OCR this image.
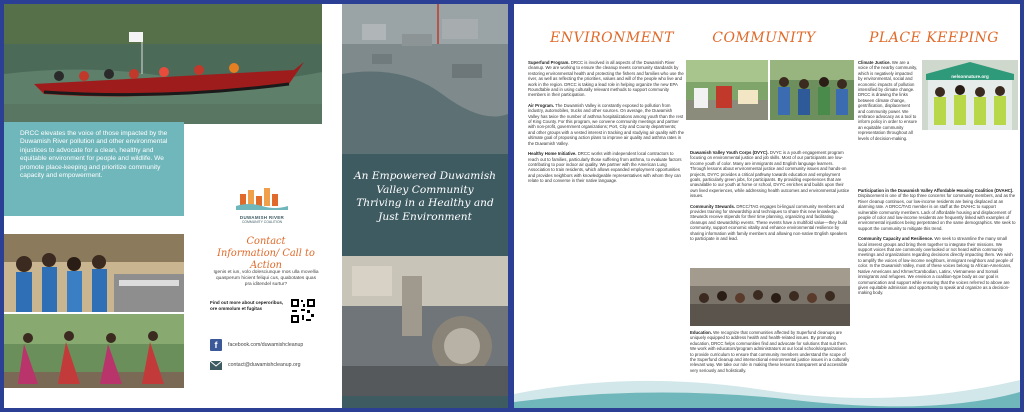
DRCC elevates the voice of those impacted by the Duwamish River pollution and other environmental injustices to advocate for a clean, healthy and equitable environment for people and wildlife. We promote place-keeping and prioritize community capacity and empowerment.
DUWAMISH RIVER
COMMUNITY COALITION
Contact Information/ Call to Action
Igenis et iun, volo dolesciunque mos ulla movellia quasperum hicient feliqui cus, quabotates quas pra iditendel surtur?
Find out more about ceperoribus, ore ommolum et fugitas
f	facebook.com/duwamishcleanup
contact@duwamishcleanup.org
An Empowered Duwamish Valley Community Thriving in a Healthy and Just Environment
ENVIRONMENT	COMMUNITY	PLACE KEEPING

Superfund Program. DRCC is involved in all aspects of the Duwamish River cleanup. We are working to ensure the cleanup meets community standards by restoring environmental health and protecting the fishers and families who use the river, as well as reflecting the priorities, values and will of the people who live and work in the region. DRCC is taking a lead role in helping organize the new EPA Roundtable and in using culturally relevant methods to support community members in their participation.

Air Program. The Duwamish Valley is constantly exposed to pollution from industry, automobiles, trucks and other sources. On average, the Duwamish Valley has twice the number of asthma hospitalizations among youth than the rest of King County. For this program, we convene community meetings and partner with non-profit, government organizations; Port, City and County departments; and other groups with a vested interest in tracking and studying air quality with the ultimate goal of proposing action plans to improve air quality and asthma rates in the Duwamish Valley.

Healthy Home Initiative. DRCC works with independent local contractors to reach out to families, particularly those suffering from asthma, to evaluate factors contributing to poor indoor air quality. We partner with the American Lung Association to train residents, which allows expanded employment opportunities and provides neighbors with knowledgeable representatives with whom they can relate to and converse in their native language.

Duwamish Valley Youth Corps (DVYC). DVYC is a youth engagement program focusing on environmental justice and job skills. Most of our participants are low-income youth of color. Many are immigrants and English language learners. Through lessons about environmental justice and community issues and hands-on projects, DVYC provides a critical pathway towards education and employment goals, particularly green jobs, for participants. By providing experiences that are unavailable to our youth at home or school, DVYC enriches and builds upon their own lived experiences, while addressing health outcomes and environmental justice issues.

Community Stewards. DRCC/TAG engages bi-lingual community members and provides training for stewardship and techniques to share this new knowledge. Stewards receive stipends for their time planning, organizing and facilitating cleanups and stewardship events. These events have a multifold value—they build community, support economic vitality and enhance environmental resilience by sharing information with family members and allowing non-native English speakers to participate in and lead.

Education. We recognize that communities affected by Superfund cleanups are uniquely equipped to address health and health-related issues. By promoting education, DRCC helps communities find and advocate for solutions that suit them. We work with educators/program administrators at our local schools/organizations to provide curriculum to ensure that community members understand the scope of the Superfund cleanup and intersectional environmental justice issues in a culturally relevant way. We take our role in making these lessons transparent and accessible very seriously and holistically.

Climate Justice. We are a voice of the nearby community, which is negatively impacted by environmental, social and economic impacts of pollution intensified by climate change. DRCC is drawing the links between climate change, gentrification, displacement and community power. We embrace advocacy as a tool to inform policy in order to ensure an equitable community representation throughout all levels of decision-making.

nelsonnature.org

Participation in the Duwamish Valley Affordable Housing Coalition (DVAHC). Displacement is one of the top three concerns for community members, and as the River cleanup continues, our low-income residents are being displaced at an alarming rate. A DRCC/TAG member is on staff at the DVAHC to support vulnerable community members. Lack of affordable housing and displacement of people of color and low-income residents are frequently linked with examples of environmental injustices being perpetrated on the same demographics. We seek to support the community to mitigate this trend.

Community Capacity and Resilience. We seek to streamline the many small local interest groups and bring them together to integrate their missions. We support voices that are commonly overlooked or not heard within community meetings and organizations regarding decisions directly impacting them. We wish to amplify the voices of low-income neighbors, immigrant neighbors and people of color. In the Duwamish Valley, most of these voices belong to African-Americans, Native Americans and Khmer/Cambodian, Latinx, Vietnamese and Somali immigrants and refugees. We envision a coalition-type body as our goal is communication and support while ensuring that the voices referred to above are given equitable admission and opportunity to speak and organize as a decision-making body.
